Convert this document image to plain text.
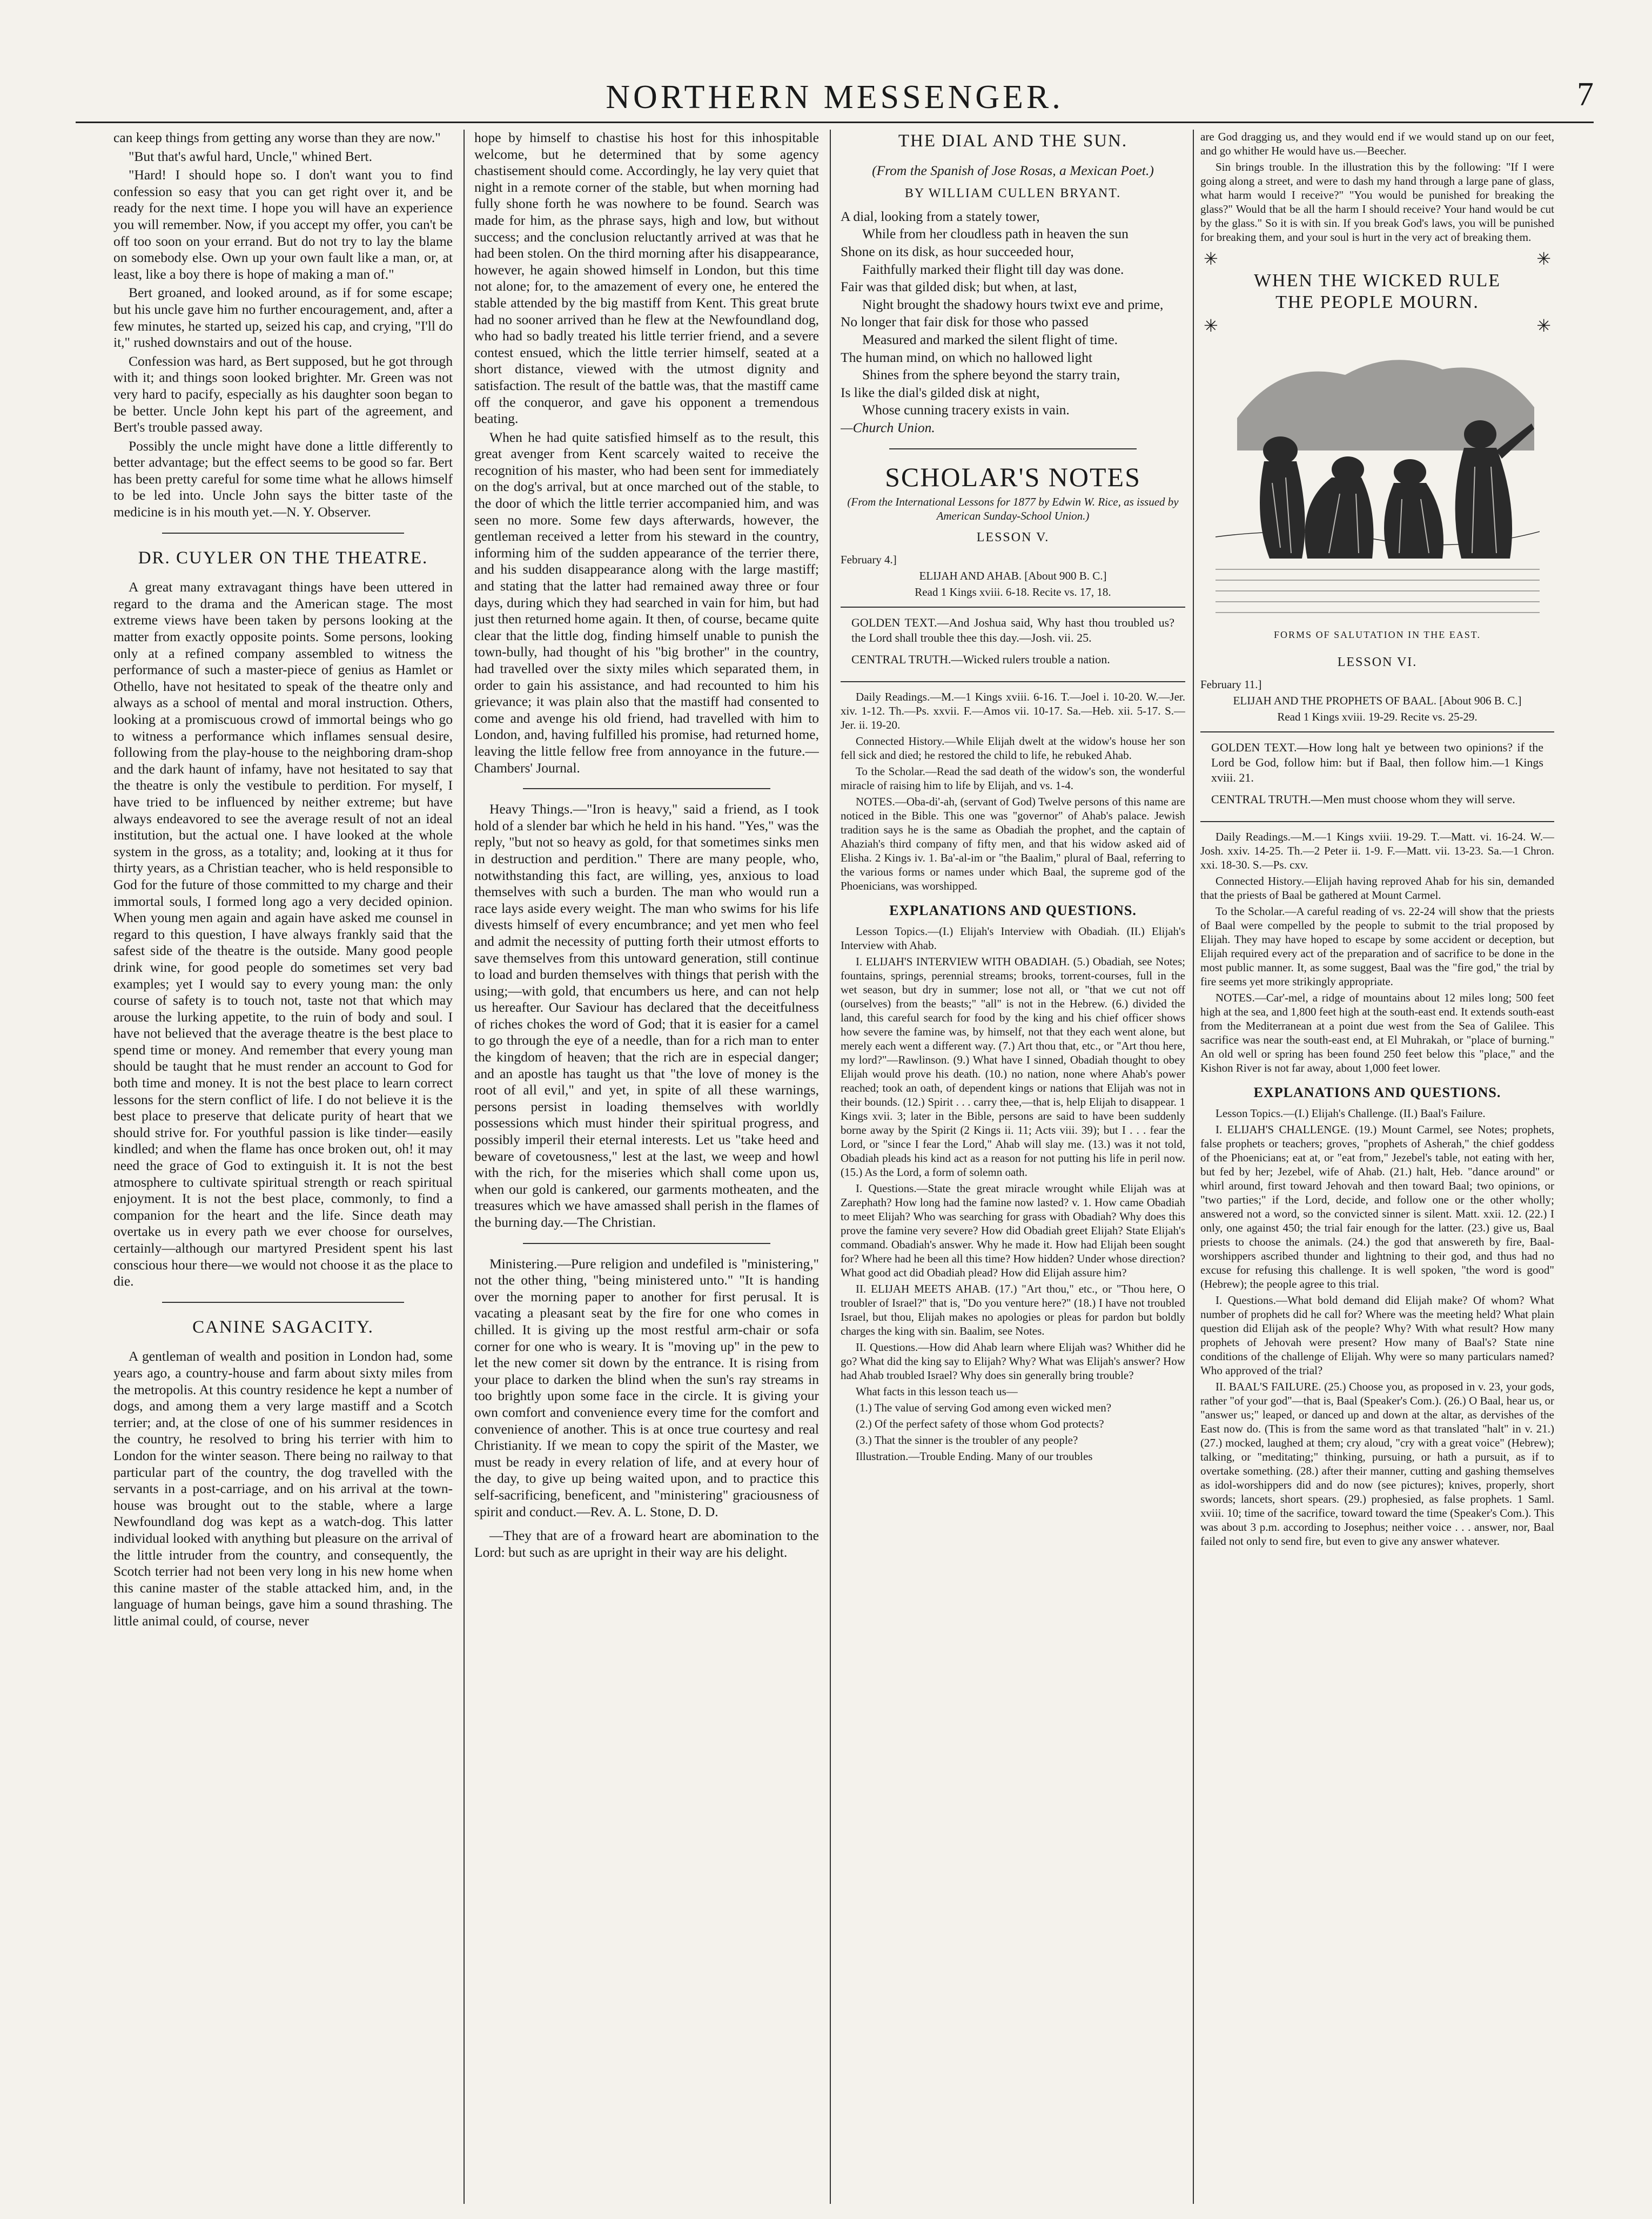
NORTHERN MESSENGER.	7

can keep things from getting any worse than they are now."

"But that's awful hard, Uncle," whined Bert.

"Hard! I should hope so. I don't want you to find confession so easy that you can get right over it, and be ready for the next time. I hope you will have an experience you will remember. Now, if you accept my offer, you can't be off too soon on your errand. But do not try to lay the blame on somebody else. Own up your own fault like a man, or, at least, like a boy there is hope of making a man of."

Bert groaned, and looked around, as if for some escape; but his uncle gave him no further encouragement, and, after a few minutes, he started up, seized his cap, and crying, "I'll do it," rushed downstairs and out of the house.

Confession was hard, as Bert supposed, but he got through with it; and things soon looked brighter. Mr. Green was not very hard to pacify, especially as his daughter soon began to be better. Uncle John kept his part of the agreement, and Bert's trouble passed away.

Possibly the uncle might have done a little differently to better advantage; but the effect seems to be good so far. Bert has been pretty careful for some time what he allows himself to be led into. Uncle John says the bitter taste of the medicine is in his mouth yet.—N. Y. Observer.

DR. CUYLER ON THE THEATRE.

A great many extravagant things have been uttered in regard to the drama and the American stage. The most extreme views have been taken by persons looking at the matter from exactly opposite points. Some persons, looking only at a refined company assembled to witness the performance of such a master-piece of genius as Hamlet or Othello, have not hesitated to speak of the theatre only and always as a school of mental and moral instruction. Others, looking at a promiscuous crowd of immortal beings who go to witness a performance which inflames sensual desire, following from the play-house to the neighboring dram-shop and the dark haunt of infamy, have not hesitated to say that the theatre is only the vestibule to perdition. For myself, I have tried to be influenced by neither extreme; but have always endeavored to see the average result of not an ideal institution, but the actual one. I have looked at the whole system in the gross, as a totality; and, looking at it thus for thirty years, as a Christian teacher, who is held responsible to God for the future of those committed to my charge and their immortal souls, I formed long ago a very decided opinion. When young men again and again have asked me counsel in regard to this question, I have always frankly said that the safest side of the theatre is the outside. Many good people drink wine, for good people do sometimes set very bad examples; yet I would say to every young man: the only course of safety is to touch not, taste not that which may arouse the lurking appetite, to the ruin of body and soul. I have not believed that the average theatre is the best place to spend time or money. And remember that every young man should be taught that he must render an account to God for both time and money. It is not the best place to learn correct lessons for the stern conflict of life. I do not believe it is the best place to preserve that delicate purity of heart that we should strive for. For youthful passion is like tinder—easily kindled; and when the flame has once broken out, oh! it may need the grace of God to extinguish it. It is not the best atmosphere to cultivate spiritual strength or reach spiritual enjoyment. It is not the best place, commonly, to find a companion for the heart and the life. Since death may overtake us in every path we ever choose for ourselves, certainly—although our martyred President spent his last conscious hour there—we would not choose it as the place to die.

CANINE SAGACITY.

A gentleman of wealth and position in London had, some years ago, a country-house and farm about sixty miles from the metropolis. At this country residence he kept a number of dogs, and among them a very large mastiff and a Scotch terrier; and, at the close of one of his summer residences in the country, he resolved to bring his terrier with him to London for the winter season. There being no railway to that particular part of the country, the dog travelled with the servants in a post-carriage, and on his arrival at the town-house was brought out to the stable, where a large Newfoundland dog was kept as a watch-dog. This latter individual looked with anything but pleasure on the arrival of the little intruder from the country, and consequently, the Scotch terrier had not been very long in his new home when this canine master of the stable attacked him, and, in the language of human beings, gave him a sound thrashing. The little animal could, of course, never

hope by himself to chastise his host for this inhospitable welcome, but he determined that by some agency chastisement should come. Accordingly, he lay very quiet that night in a remote corner of the stable, but when morning had fully shone forth he was nowhere to be found. Search was made for him, as the phrase says, high and low, but without success; and the conclusion reluctantly arrived at was that he had been stolen. On the third morning after his disappearance, however, he again showed himself in London, but this time not alone; for, to the amazement of every one, he entered the stable attended by the big mastiff from Kent. This great brute had no sooner arrived than he flew at the Newfoundland dog, who had so badly treated his little terrier friend, and a severe contest ensued, which the little terrier himself, seated at a short distance, viewed with the utmost dignity and satisfaction. The result of the battle was, that the mastiff came off the conqueror, and gave his opponent a tremendous beating.

When he had quite satisfied himself as to the result, this great avenger from Kent scarcely waited to receive the recognition of his master, who had been sent for immediately on the dog's arrival, but at once marched out of the stable, to the door of which the little terrier accompanied him, and was seen no more. Some few days afterwards, however, the gentleman received a letter from his steward in the country, informing him of the sudden appearance of the terrier there, and his sudden disappearance along with the large mastiff; and stating that the latter had remained away three or four days, during which they had searched in vain for him, but had just then returned home again. It then, of course, became quite clear that the little dog, finding himself unable to punish the town-bully, had thought of his "big brother" in the country, had travelled over the sixty miles which separated them, in order to gain his assistance, and had recounted to him his grievance; it was plain also that the mastiff had consented to come and avenge his old friend, had travelled with him to London, and, having fulfilled his promise, had returned home, leaving the little fellow free from annoyance in the future.—Chambers' Journal.

Heavy Things.—"Iron is heavy," said a friend, as I took hold of a slender bar which he held in his hand. "Yes," was the reply, "but not so heavy as gold, for that sometimes sinks men in destruction and perdition." There are many people, who, notwithstanding this fact, are willing, yes, anxious to load themselves with such a burden. The man who would run a race lays aside every weight. The man who swims for his life divests himself of every encumbrance; and yet men who feel and admit the necessity of putting forth their utmost efforts to save themselves from this untoward generation, still continue to load and burden themselves with things that perish with the using;—with gold, that encumbers us here, and can not help us hereafter. Our Saviour has declared that the deceitfulness of riches chokes the word of God; that it is easier for a camel to go through the eye of a needle, than for a rich man to enter the kingdom of heaven; that the rich are in especial danger; and an apostle has taught us that "the love of money is the root of all evil," and yet, in spite of all these warnings, persons persist in loading themselves with worldly possessions which must hinder their spiritual progress, and possibly imperil their eternal interests. Let us "take heed and beware of covetousness," lest at the last, we weep and howl with the rich, for the miseries which shall come upon us, when our gold is cankered, our garments motheaten, and the treasures which we have amassed shall perish in the flames of the burning day.—The Christian.

Ministering.—Pure religion and undefiled is "ministering," not the other thing, "being ministered unto." "It is handing over the morning paper to another for first perusal. It is vacating a pleasant seat by the fire for one who comes in chilled. It is giving up the most restful arm-chair or sofa corner for one who is weary. It is "moving up" in the pew to let the new comer sit down by the entrance. It is rising from your place to darken the blind when the sun's ray streams in too brightly upon some face in the circle. It is giving your own comfort and convenience every time for the comfort and convenience of another. This is at once true courtesy and real Christianity. If we mean to copy the spirit of the Master, we must be ready in every relation of life, and at every hour of the day, to give up being waited upon, and to practice this self-sacrificing, beneficent, and "ministering" graciousness of spirit and conduct.—Rev. A. L. Stone, D. D.

—They that are of a froward heart are abomination to the Lord: but such as are upright in their way are his delight.

THE DIAL AND THE SUN.

(From the Spanish of Jose Rosas, a Mexican Poet.)

BY WILLIAM CULLEN BRYANT.

A dial, looking from a stately tower,

While from her cloudless path in heaven the sun

Shone on its disk, as hour succeeded hour,

Faithfully marked their flight till day was done.

Fair was that gilded disk; but when, at last,

Night brought the shadowy hours twixt eve and prime,

No longer that fair disk for those who passed

Measured and marked the silent flight of time.

The human mind, on which no hallowed light

Shines from the sphere beyond the starry train,

Is like the dial's gilded disk at night,

Whose cunning tracery exists in vain.

—Church Union.

SCHOLAR'S NOTES

(From the International Lessons for 1877 by Edwin W. Rice, as issued by American Sunday-School Union.)

LESSON V.

February 4.]

ELIJAH AND AHAB. [About 900 B. C.]

Read 1 Kings xviii. 6-18. Recite vs. 17, 18.

GOLDEN TEXT.—And Joshua said, Why hast thou troubled us? the Lord shall trouble thee this day.—Josh. vii. 25.

CENTRAL TRUTH.—Wicked rulers trouble a nation.

Daily Readings.—M.—1 Kings xviii. 6-16. T.—Joel i. 10-20. W.—Jer. xiv. 1-12. Th.—Ps. xxvii. F.—Amos vii. 10-17. Sa.—Heb. xii. 5-17. S.—Jer. ii. 19-20.

Connected History.—While Elijah dwelt at the widow's house her son fell sick and died; he restored the child to life, he rebuked Ahab.

To the Scholar.—Read the sad death of the widow's son, the wonderful miracle of raising him to life by Elijah, and vs. 1-4.

NOTES.—Oba-di'-ah, (servant of God) Twelve persons of this name are noticed in the Bible. This one was "governor" of Ahab's palace. Jewish tradition says he is the same as Obadiah the prophet, and the captain of Ahaziah's third company of fifty men, and that his widow asked aid of Elisha. 2 Kings iv. 1. Ba'-al-im or "the Baalim," plural of Baal, referring to the various forms or names under which Baal, the supreme god of the Phoenicians, was worshipped.

EXPLANATIONS AND QUESTIONS.

Lesson Topics.—(I.) Elijah's Interview with Obadiah. (II.) Elijah's Interview with Ahab.

I. ELIJAH'S INTERVIEW WITH OBADIAH. (5.) Obadiah, see Notes; fountains, springs, perennial streams; brooks, torrent-courses, full in the wet season, but dry in summer; lose not all, or "that we cut not off (ourselves) from the beasts;" "all" is not in the Hebrew. (6.) divided the land, this careful search for food by the king and his chief officer shows how severe the famine was, by himself, not that they each went alone, but merely each went a different way. (7.) Art thou that, etc., or "Art thou here, my lord?"—Rawlinson. (9.) What have I sinned, Obadiah thought to obey Elijah would prove his death. (10.) no nation, none where Ahab's power reached; took an oath, of dependent kings or nations that Elijah was not in their bounds. (12.) Spirit . . . carry thee,—that is, help Elijah to disappear. 1 Kings xvii. 3; later in the Bible, persons are said to have been suddenly borne away by the Spirit (2 Kings ii. 11; Acts viii. 39); but I . . . fear the Lord, or "since I fear the Lord," Ahab will slay me. (13.) was it not told, Obadiah pleads his kind act as a reason for not putting his life in peril now. (15.) As the Lord, a form of solemn oath.

I. Questions.—State the great miracle wrought while Elijah was at Zarephath? How long had the famine now lasted? v. 1. How came Obadiah to meet Elijah? Who was searching for grass with Obadiah? Why does this prove the famine very severe? How did Obadiah greet Elijah? State Elijah's command. Obadiah's answer. Why he made it. How had Elijah been sought for? Where had he been all this time? How hidden? Under whose direction? What good act did Obadiah plead? How did Elijah assure him?

II. ELIJAH MEETS AHAB. (17.) "Art thou," etc., or "Thou here, O troubler of Israel?" that is, "Do you venture here?" (18.) I have not troubled Israel, but thou, Elijah makes no apologies or pleas for pardon but boldly charges the king with sin. Baalim, see Notes.

II. Questions.—How did Ahab learn where Elijah was? Whither did he go? What did the king say to Elijah? Why? What was Elijah's answer? How had Ahab troubled Israel? Why does sin generally bring trouble?

What facts in this lesson teach us—

(1.) The value of serving God among even wicked men?

(2.) Of the perfect safety of those whom God protects?

(3.) That the sinner is the troubler of any people?

Illustration.—Trouble Ending. Many of our troubles

are God dragging us, and they would end if we would stand up on our feet, and go whither He would have us.—Beecher.

Sin brings trouble. In the illustration this by the following: "If I were going along a street, and were to dash my hand through a large pane of glass, what harm would I receive?" "You would be punished for breaking the glass?" Would that be all the harm I should receive? Your hand would be cut by the glass." So it is with sin. If you break God's laws, you will be punished for breaking them, and your soul is hurt in the very act of breaking them.

✳	✳
WHEN THE WICKED RULE
THE PEOPLE MOURN.
✳	✳
FORMS OF SALUTATION IN THE EAST.
LESSON VI.

February 11.]

ELIJAH AND THE PROPHETS OF BAAL. [About 906 B. C.]

Read 1 Kings xviii. 19-29. Recite vs. 25-29.

GOLDEN TEXT.—How long halt ye between two opinions? if the Lord be God, follow him: but if Baal, then follow him.—1 Kings xviii. 21.

CENTRAL TRUTH.—Men must choose whom they will serve.

Daily Readings.—M.—1 Kings xviii. 19-29. T.—Matt. vi. 16-24. W.—Josh. xxiv. 14-25. Th.—2 Peter ii. 1-9. F.—Matt. vii. 13-23. Sa.—1 Chron. xxi. 18-30. S.—Ps. cxv.

Connected History.—Elijah having reproved Ahab for his sin, demanded that the priests of Baal be gathered at Mount Carmel.

To the Scholar.—A careful reading of vs. 22-24 will show that the priests of Baal were compelled by the people to submit to the trial proposed by Elijah. They may have hoped to escape by some accident or deception, but Elijah required every act of the preparation and of sacrifice to be done in the most public manner. It, as some suggest, Baal was the "fire god," the trial by fire seems yet more strikingly appropriate.

NOTES.—Car'-mel, a ridge of mountains about 12 miles long; 500 feet high at the sea, and 1,800 feet high at the south-east end. It extends south-east from the Mediterranean at a point due west from the Sea of Galilee. This sacrifice was near the south-east end, at El Muhrakah, or "place of burning." An old well or spring has been found 250 feet below this "place," and the Kishon River is not far away, about 1,000 feet lower.

EXPLANATIONS AND QUESTIONS.

Lesson Topics.—(I.) Elijah's Challenge. (II.) Baal's Failure.

I. ELIJAH'S CHALLENGE. (19.) Mount Carmel, see Notes; prophets, false prophets or teachers; groves, "prophets of Asherah," the chief goddess of the Phoenicians; eat at, or "eat from," Jezebel's table, not eating with her, but fed by her; Jezebel, wife of Ahab. (21.) halt, Heb. "dance around" or whirl around, first toward Jehovah and then toward Baal; two opinions, or "two parties;" if the Lord, decide, and follow one or the other wholly; answered not a word, so the convicted sinner is silent. Matt. xxii. 12. (22.) I only, one against 450; the trial fair enough for the latter. (23.) give us, Baal priests to choose the animals. (24.) the god that answereth by fire, Baal-worshippers ascribed thunder and lightning to their god, and thus had no excuse for refusing this challenge. It is well spoken, "the word is good" (Hebrew); the people agree to this trial.

I. Questions.—What bold demand did Elijah make? Of whom? What number of prophets did he call for? Where was the meeting held? What plain question did Elijah ask of the people? Why? With what result? How many prophets of Jehovah were present? How many of Baal's? State nine conditions of the challenge of Elijah. Why were so many particulars named? Who approved of the trial?

II. BAAL'S FAILURE. (25.) Choose you, as proposed in v. 23, your gods, rather "of your god"—that is, Baal (Speaker's Com.). (26.) O Baal, hear us, or "answer us;" leaped, or danced up and down at the altar, as dervishes of the East now do. (This is from the same word as that translated "halt" in v. 21.) (27.) mocked, laughed at them; cry aloud, "cry with a great voice" (Hebrew); talking, or "meditating;" thinking, pursuing, or hath a pursuit, as if to overtake something. (28.) after their manner, cutting and gashing themselves as idol-worshippers did and do now (see pictures); knives, properly, short swords; lancets, short spears. (29.) prophesied, as false prophets. 1 Saml. xviii. 10; time of the sacrifice, toward toward the time (Speaker's Com.). This was about 3 p.m. according to Josephus; neither voice . . . answer, nor, Baal failed not only to send fire, but even to give any answer whatever.
